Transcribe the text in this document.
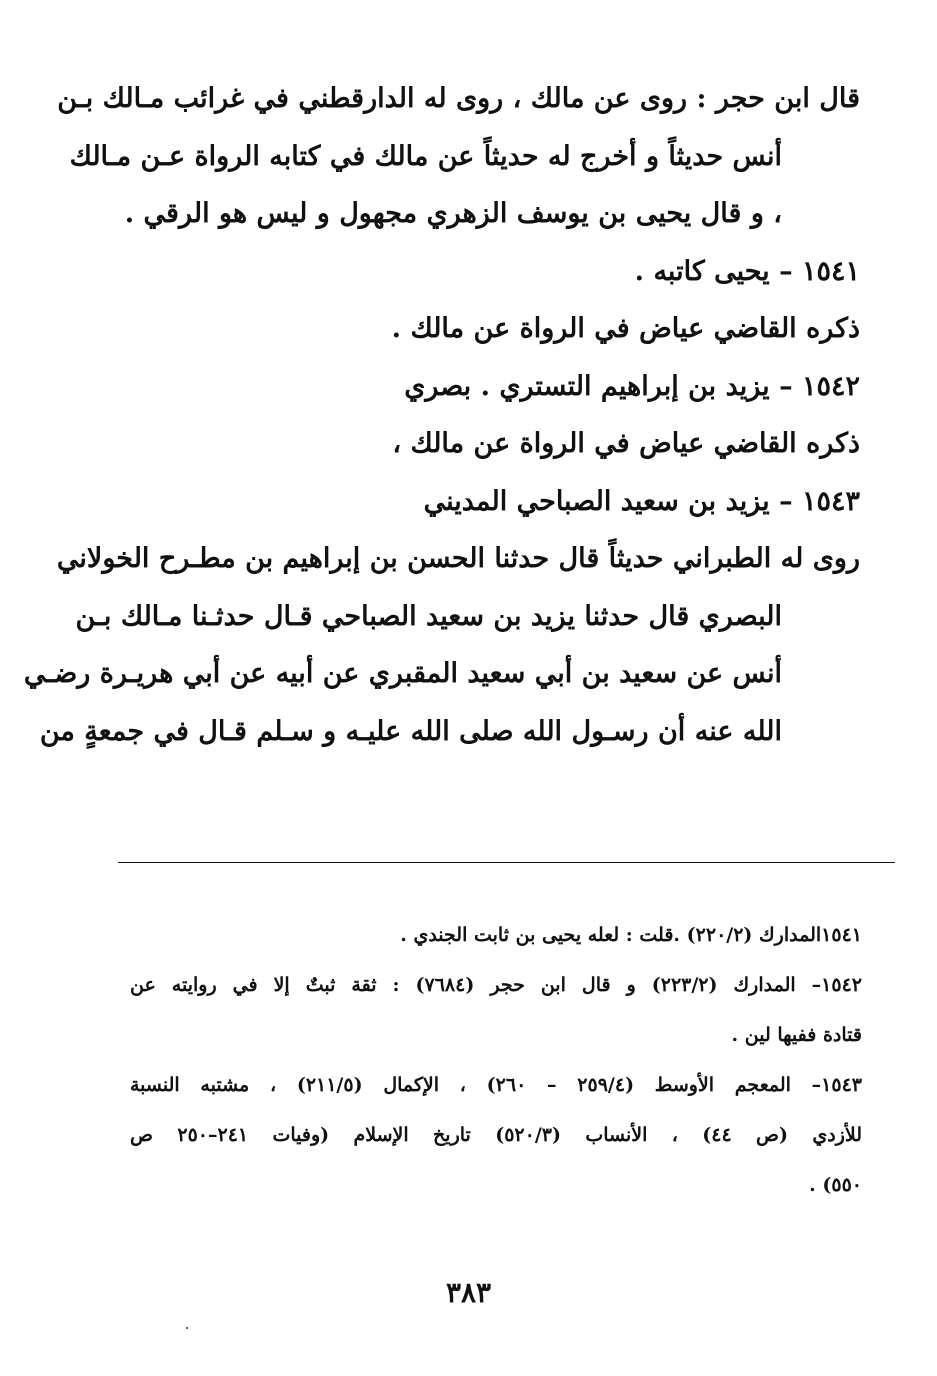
قال ابن حجر : روى عن مالك ، روى له الدارقطني في غرائب مـالك بـن
أنس حديثاً و أخرج له حديثاً عن مالك في كتابه الرواة عـن مـالك
، و قال يحيى بن يوسف الزهري مجهول و ليس هو الرقي .
١٥٤١ – يحيى كاتبه .
ذكره القاضي عياض في الرواة عن مالك .
١٥٤٢ – يزيد بن إبراهيم التستري . بصري
ذكره القاضي عياض في الرواة عن مالك ،
١٥٤٣ – يزيد بن سعيد الصباحي المديني
روى له الطبراني حديثاً قال حدثنا الحسن بن إبراهيم بن مطـرح الخولاني
البصري قال حدثنا يزيد بن سعيد الصباحي قـال حدثـنا مـالك بـن
أنس عن سعيد بن أبي سعيد المقبري عن أبيه عن أبي هريـرة رضـي
الله عنه أن رسـول الله صلى الله عليـه و سـلم قـال في جمعةٍ من
١٥٤١المدارك (٢٢٠/٢) .قلت : لعله يحيى بن ثابت الجندي .
١٥٤٢– المدارك (٢٢٣/٢) و قال ابن حجر (٧٦٨٤) : ثقة ثبتٌ إلا في روايته عن
قتادة ففيها لين .
١٥٤٣– المعجم الأوسط (٢٥٩/٤ – ٢٦٠) ، الإكمال (٢١١/٥) ، مشتبه النسبة
للأزدي (ص ٤٤) ، الأنساب (٥٢٠/٣) تاريخ الإسلام (وفيات ٢٤١–٢٥٠ ص
٥٥٠) .
٣٨٣
